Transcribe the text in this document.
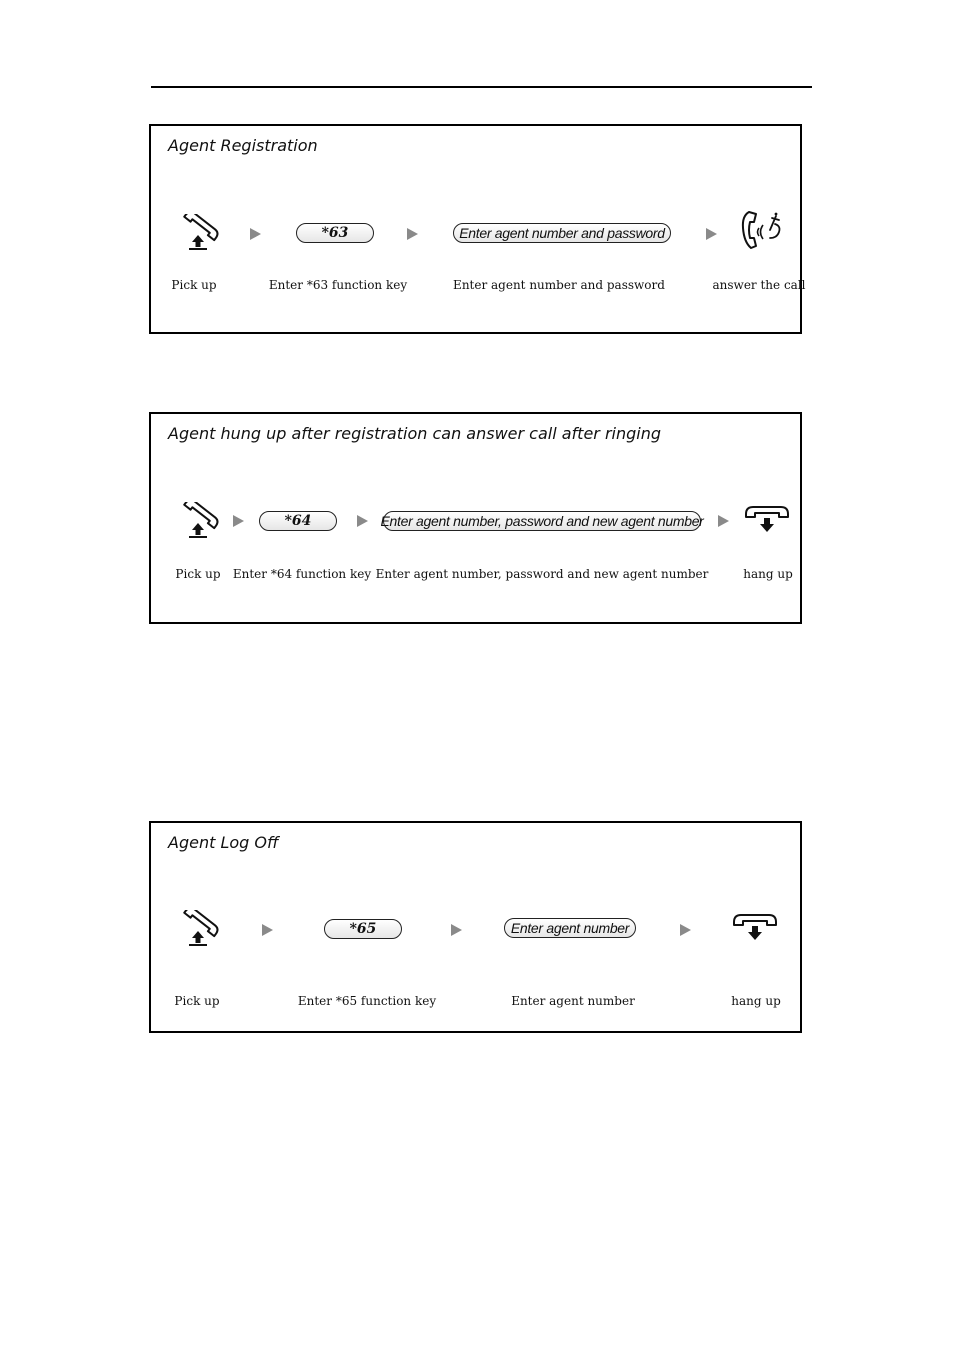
Agent Registration
*63	Enter agent number and password
Pick up	Enter *63 function key	Enter agent number and password	answer the call
Agent hung up after registration can answer call after ringing
*64	Enter agent number, password and new agent number
Pick up Enter *64 function key Enter agent number, password and new agent number	hang up
Agent Log Off
*65	Enter agent number
Pick up	Enter *65 function key	Enter agent number	hang up
